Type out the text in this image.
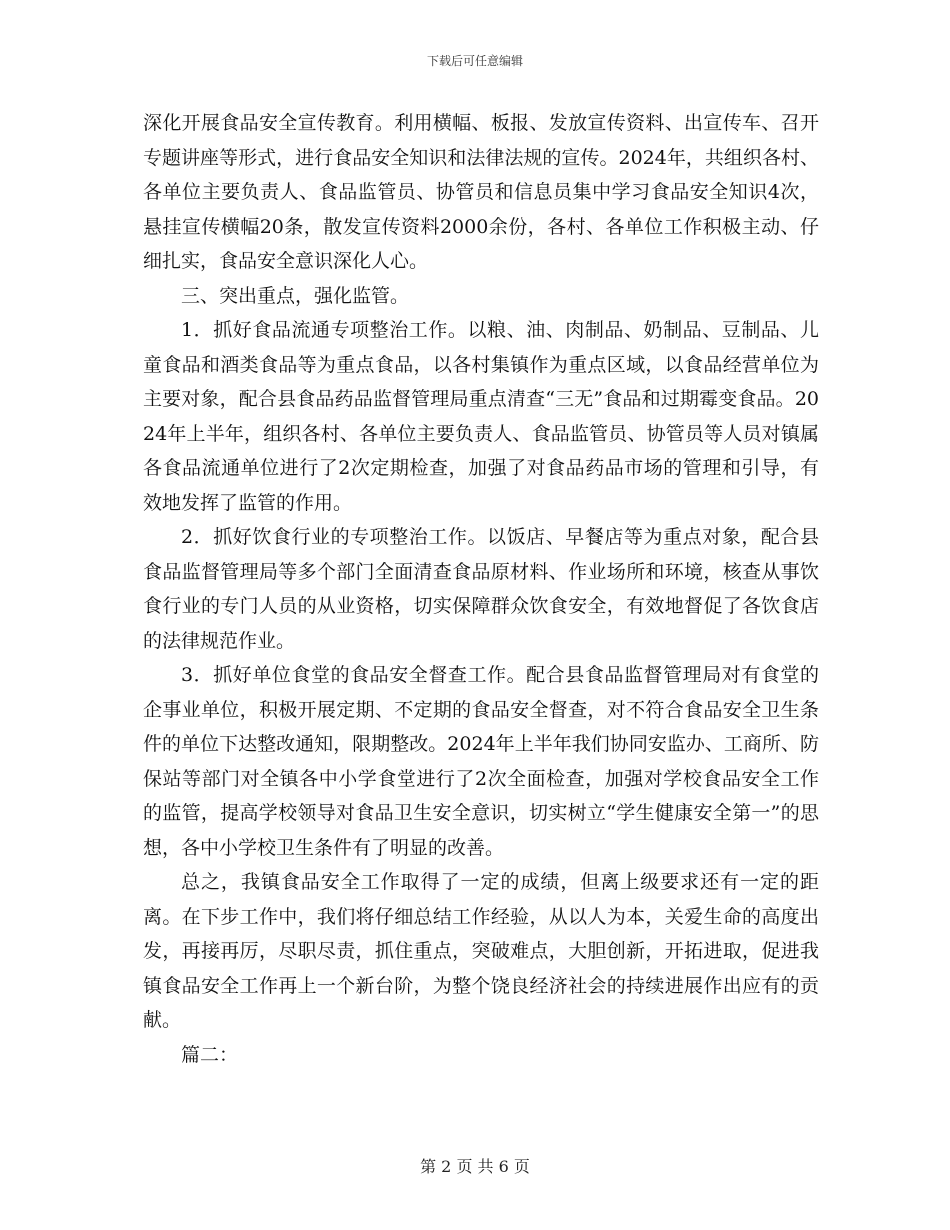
下载后可任意编辑

深化开展食品安全宣传教育。利用横幅、板报、发放宣传资料、出宣传车、召开专题讲座等形式，进行食品安全知识和法律法规的宣传。2024年，共组织各村、各单位主要负责人、食品监管员、协管员和信息员集中学习食品安全知识4次，悬挂宣传横幅20条，散发宣传资料2000余份，各村、各单位工作积极主动、仔细扎实，食品安全意识深化人心。

三、突出重点，强化监管。

1．抓好食品流通专项整治工作。以粮、油、肉制品、奶制品、豆制品、儿童食品和酒类食品等为重点食品，以各村集镇作为重点区域，以食品经营单位为主要对象，配合县食品药品监督管理局重点清查“三无”食品和过期霉变食品。2024年上半年，组织各村、各单位主要负责人、食品监管员、协管员等人员对镇属各食品流通单位进行了2次定期检查，加强了对食品药品市场的管理和引导，有效地发挥了监管的作用。

2．抓好饮食行业的专项整治工作。以饭店、早餐店等为重点对象，配合县食品监督管理局等多个部门全面清查食品原材料、作业场所和环境，核查从事饮食行业的专门人员的从业资格，切实保障群众饮食安全，有效地督促了各饮食店的法律规范作业。

3．抓好单位食堂的食品安全督查工作。配合县食品监督管理局对有食堂的企事业单位，积极开展定期、不定期的食品安全督查，对不符合食品安全卫生条件的单位下达整改通知，限期整改。2024年上半年我们协同安监办、工商所、防保站等部门对全镇各中小学食堂进行了2次全面检查，加强对学校食品安全工作的监管，提高学校领导对食品卫生安全意识，切实树立“学生健康安全第一”的思想，各中小学校卫生条件有了明显的改善。

总之，我镇食品安全工作取得了一定的成绩，但离上级要求还有一定的距离。在下步工作中，我们将仔细总结工作经验，从以人为本，关爱生命的高度出发，再接再厉，尽职尽责，抓住重点，突破难点，大胆创新，开拓进取，促进我镇食品安全工作再上一个新台阶，为整个饶良经济社会的持续进展作出应有的贡献。

篇二：

第 2 页 共 6 页
